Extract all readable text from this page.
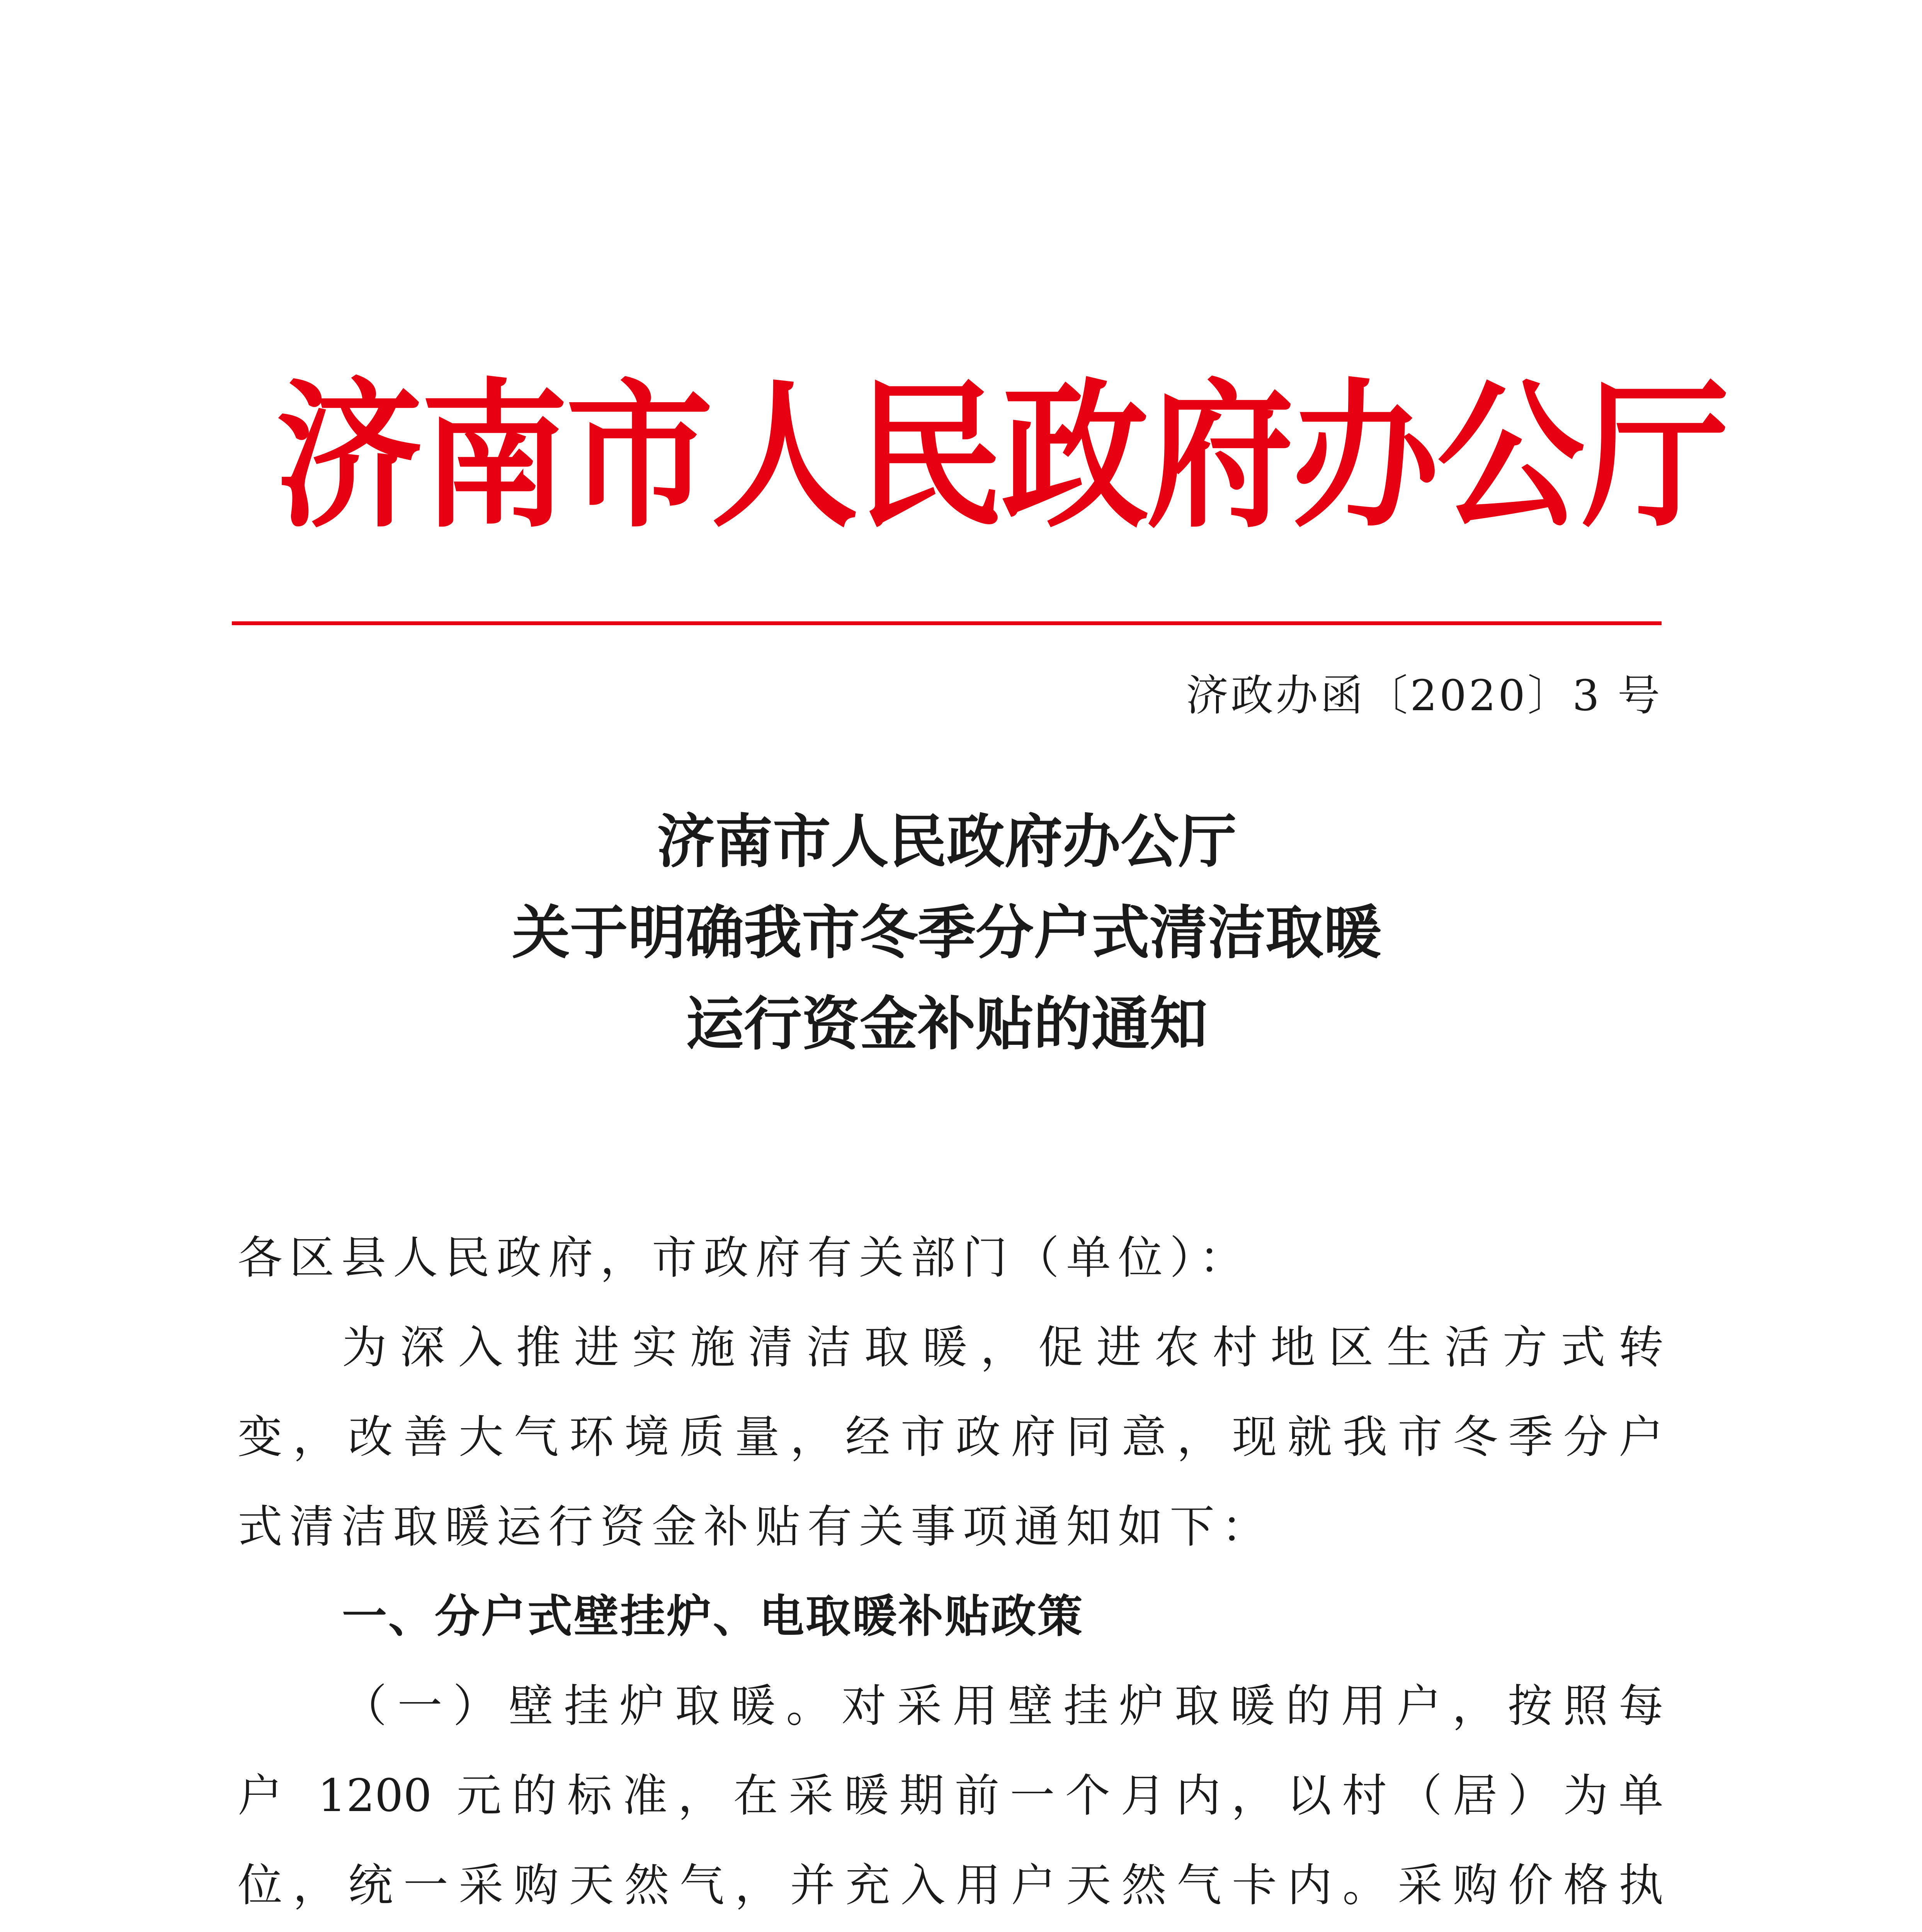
济南市人民政府办公厅
济政办函〔2020〕3 号
济南市人民政府办公厅
关于明确我市冬季分户式清洁取暖
运行资金补贴的通知
各区县人民政府，市政府有关部门（单位）：
为深入推进实施清洁取暖，促进农村地区生活方式转
变，改善大气环境质量，经市政府同意，现就我市冬季分户
式清洁取暖运行资金补贴有关事项通知如下：
一、分户式壁挂炉、电取暖补贴政策
（一）壁挂炉取暖。对采用壁挂炉取暖的用户，按照每
户 1200 元的标准，在采暖期前一个月内，以村（居）为单
位，统一采购天然气，并充入用户天然气卡内。采购价格执
